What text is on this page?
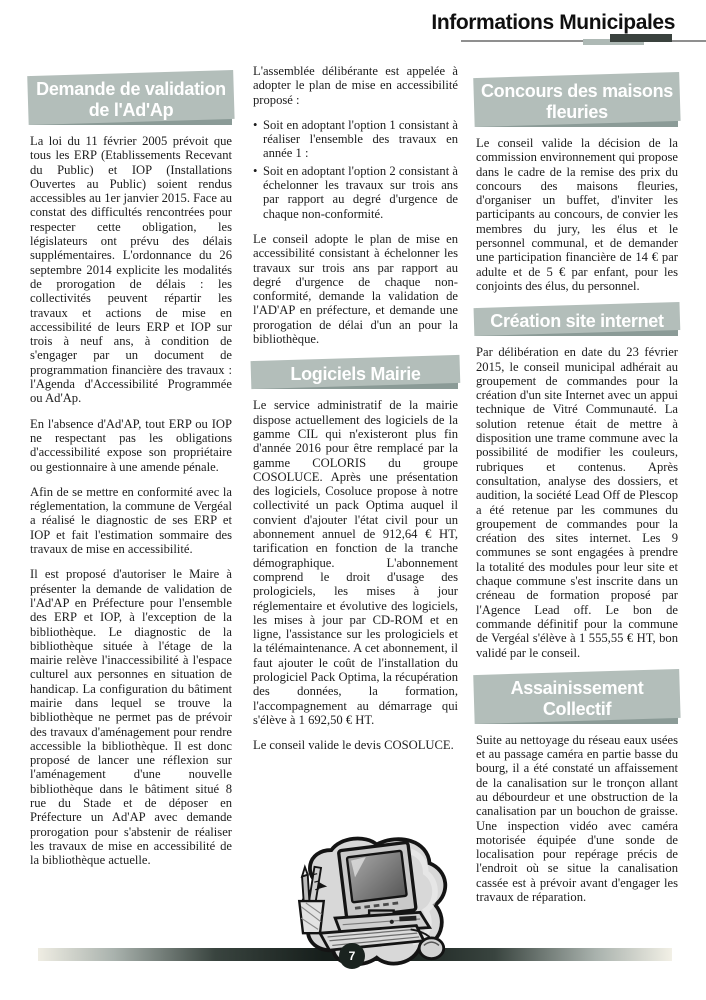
Informations Municipales
Demande de validation de l'Ad'Ap

La loi du 11 février 2005 prévoit que tous les ERP (Etablissements Recevant du Public) et IOP (Installations Ouvertes au Public) soient rendus accessibles au 1er janvier 2015. Face au constat des difficultés rencontrées pour respecter cette obligation, les législateurs ont prévu des délais supplémentaires. L'ordonnance du 26 septembre 2014 explicite les modalités de prorogation de délais : les collectivités peuvent répartir les travaux et actions de mise en accessibilité de leurs ERP et IOP sur trois à neuf ans, à condition de s'engager par un document de programmation financière des travaux : l'Agenda d'Accessibilité Programmée ou Ad'Ap.

En l'absence d'Ad'AP, tout ERP ou IOP ne respectant pas les obligations d'accessibilité expose son propriétaire ou gestionnaire à une amende pénale.

Afin de se mettre en conformité avec la réglementation, la commune de Vergéal a réalisé le diagnostic de ses ERP et IOP et fait l'estimation sommaire des travaux de mise en accessibilité.

Il est proposé d'autoriser le Maire à présenter la demande de validation de l'Ad'AP en Préfecture pour l'ensemble des ERP et IOP, à l'exception de la bibliothèque. Le diagnostic de la bibliothèque située à l'étage de la mairie relève l'inaccessibilité à l'espace culturel aux personnes en situation de handicap. La configuration du bâtiment mairie dans lequel se trouve la bibliothèque ne permet pas de prévoir des travaux d'aménagement pour rendre accessible la bibliothèque. Il est donc proposé de lancer une réflexion sur l'aménagement d'une nouvelle bibliothèque dans le bâtiment situé 8 rue du Stade et de déposer en Préfecture un Ad'AP avec demande prorogation pour s'abstenir de réaliser les travaux de mise en accessibilité de la bibliothèque actuelle.

L'assemblée délibérante est appelée à adopter le plan de mise en accessibilité proposé :

• Soit en adoptant l'option 1 consistant à réaliser l'ensemble des travaux en année 1 :
• Soit en adoptant l'option 2 consistant à échelonner les travaux sur trois ans par rapport au degré d'urgence de chaque non-conformité.

Le conseil adopte le plan de mise en accessibilité consistant à échelonner les travaux sur trois ans par rapport au degré d'urgence de chaque non-conformité, demande la validation de l'AD'AP en préfecture, et demande une prorogation de délai d'un an pour la bibliothèque.

Logiciels Mairie

Le service administratif de la mairie dispose actuellement des logiciels de la gamme CIL qui n'existeront plus fin d'année 2016 pour être remplacé par la gamme COLORIS du groupe COSOLUCE. Après une présentation des logiciels, Cosoluce propose à notre collectivité un pack Optima auquel il convient d'ajouter l'état civil pour un abonnement annuel de 912,64 € HT, tarification en fonction de la tranche démographique. L'abonnement comprend le droit d'usage des prologiciels, les mises à jour réglementaire et évolutive des logiciels, les mises à jour par CD-ROM et en ligne, l'assistance sur les prologiciels et la télémaintenance. A cet abonnement, il faut ajouter le coût de l'installation du prologiciel Pack Optima, la récupération des données, la formation, l'accompagnement au démarrage qui s'élève à 1 692,50 € HT.

Le conseil valide le devis COSOLUCE.

Concours des maisons fleuries

Le conseil valide la décision de la commission environnement qui propose dans le cadre de la remise des prix du concours des maisons fleuries, d'organiser un buffet, d'inviter les participants au concours, de convier les membres du jury, les élus et le personnel communal, et de demander une participation financière de 14 € par adulte et de 5 € par enfant, pour les conjoints des élus, du personnel.

Création site internet

Par délibération en date du 23 février 2015, le conseil municipal adhérait au groupement de commandes pour la création d'un site Internet avec un appui technique de Vitré Communauté. La solution retenue était de mettre à disposition une trame commune avec la possibilité de modifier les couleurs, rubriques et contenus. Après consultation, analyse des dossiers, et audition, la société Lead Off de Plescop a été retenue par les communes du groupement de commandes pour la création des sites internet. Les 9 communes se sont engagées à prendre la totalité des modules pour leur site et chaque commune s'est inscrite dans un créneau de formation proposé par l'Agence Lead off. Le bon de commande définitif pour la commune de Vergéal s'élève à 1 555,55 € HT, bon validé par le conseil.

Assainissement Collectif

Suite au nettoyage du réseau eaux usées et au passage caméra en partie basse du bourg, il a été constaté un affaissement de la canalisation sur le tronçon allant au débourdeur et une obstruction de la canalisation par un bouchon de graisse. Une inspection vidéo avec caméra motorisée équipée d'une sonde de localisation pour repérage précis de l'endroit où se situe la canalisation cassée est à prévoir avant d'engager les travaux de réparation.

7
